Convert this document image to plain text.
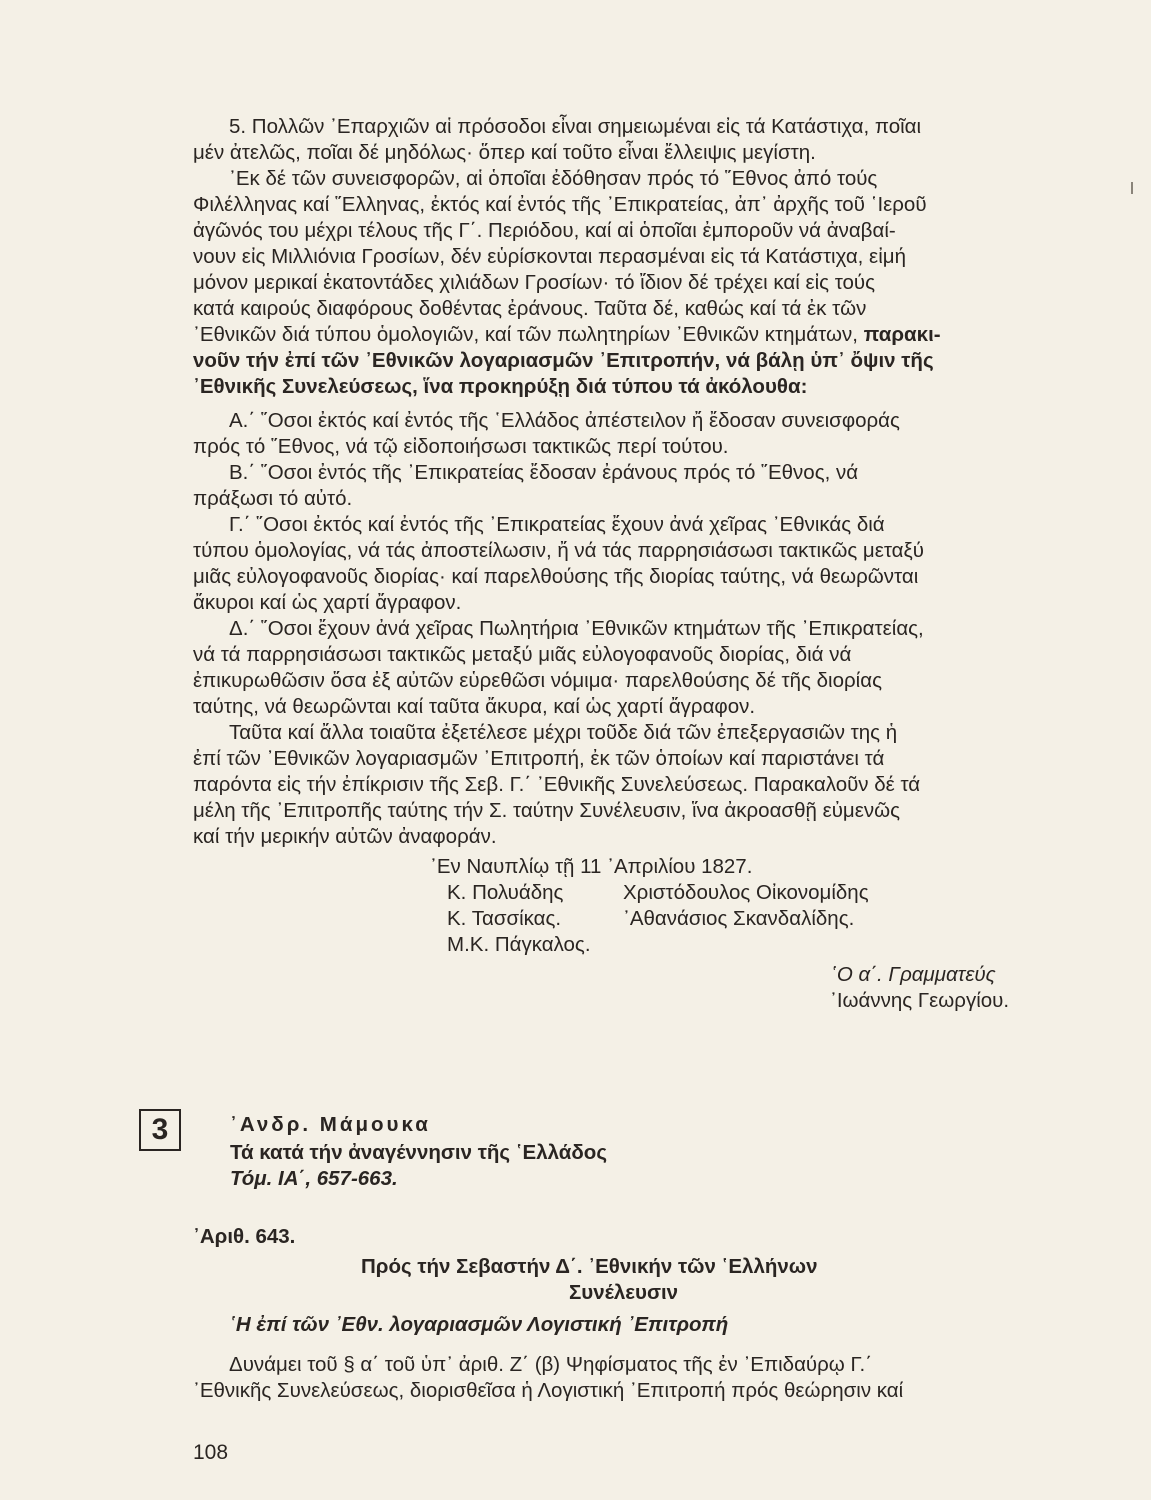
5. Πολλῶν ᾿Επαρχιῶν αἱ πρόσοδοι εἶναι σημειωμέναι εἰς τά Κατάστιχα, ποῖαι
μέν ἀτελῶς, ποῖαι δέ μηδόλως· ὅπερ καί τοῦτο εἶναι ἔλλειψις μεγίστη.
᾿Εκ δέ τῶν συνεισφορῶν, αἱ ὁποῖαι ἐδόθησαν πρός τό ῞Εθνος ἀπό τούς
Φιλέλληνας καί ῞Ελληνας, ἐκτός καί ἐντός τῆς ᾿Επικρατείας, ἀπ᾿ ἀρχῆς τοῦ ῾Ιεροῦ
ἀγῶνός του μέχρι τέλους τῆς Γ΄. Περιόδου, καί αἱ ὁποῖαι ἐμποροῦν νά ἀναβαί-
νουν εἰς Μιλλιόνια Γροσίων, δέν εὑρίσκονται περασμέναι εἰς τά Κατάστιχα, εἰμή
μόνον μερικαί ἑκατοντάδες χιλιάδων Γροσίων· τό ἴδιον δέ τρέχει καί εἰς τούς
κατά καιρούς διαφόρους δοθέντας ἐράνους. Ταῦτα δέ, καθώς καί τά ἐκ τῶν
᾿Εθνικῶν διά τύπου ὁμολογιῶν, καί τῶν πωλητηρίων ᾿Εθνικῶν κτημάτων, παρακι-
νοῦν τήν ἐπί τῶν ᾿Εθνικῶν λογαριασμῶν ᾿Επιτροπήν, νά βάλῃ ὑπ᾿ ὄψιν τῆς
᾿Εθνικῆς Συνελεύσεως, ἵνα προκηρύξῃ διά τύπου τά ἀκόλουθα:
Α.΄ ῞Οσοι ἐκτός καί ἐντός τῆς ῾Ελλάδος ἀπέστειλον ἤ ἔδοσαν συνεισφοράς
πρός τό ῞Εθνος, νά τῷ εἰδοποιήσωσι τακτικῶς περί τούτου.
Β.΄ ῞Οσοι ἐντός τῆς ᾿Επικρατείας ἔδοσαν ἐράνους πρός τό ῞Εθνος, νά
πράξωσι τό αὐτό.
Γ.΄ ῞Οσοι ἐκτός καί ἐντός τῆς ᾿Επικρατείας ἔχουν ἀνά χεῖρας ᾿Εθνικάς διά
τύπου ὁμολογίας, νά τάς ἀποστείλωσιν, ἤ νά τάς παρρησιάσωσι τακτικῶς μεταξύ
μιᾶς εὐλογοφανοῦς διορίας· καί παρελθούσης τῆς διορίας ταύτης, νά θεωρῶνται
ἄκυροι καί ὡς χαρτί ἄγραφον.
Δ.΄ ῞Οσοι ἔχουν ἀνά χεῖρας Πωλητήρια ᾿Εθνικῶν κτημάτων τῆς ᾿Επικρατείας,
νά τά παρρησιάσωσι τακτικῶς μεταξύ μιᾶς εὐλογοφανοῦς διορίας, διά νά
ἐπικυρωθῶσιν ὅσα ἐξ αὐτῶν εὑρεθῶσι νόμιμα· παρελθούσης δέ τῆς διορίας
ταύτης, νά θεωρῶνται καί ταῦτα ἄκυρα, καί ὡς χαρτί ἄγραφον.
Ταῦτα καί ἄλλα τοιαῦτα ἐξετέλεσε μέχρι τοῦδε διά τῶν ἐπεξεργασιῶν της ἡ
ἐπί τῶν ᾿Εθνικῶν λογαριασμῶν ᾿Επιτροπή, ἐκ τῶν ὁποίων καί παριστάνει τά
παρόντα εἰς τήν ἐπίκρισιν τῆς Σεβ. Γ.΄ ᾿Εθνικῆς Συνελεύσεως. Παρακαλοῦν δέ τά
μέλη τῆς ᾿Επιτροπῆς ταύτης τήν Σ. ταύτην Συνέλευσιν, ἵνα ἀκροασθῇ εὐμενῶς
καί τήν μερικήν αὐτῶν ἀναφοράν.
᾿Εν Ναυπλίῳ τῇ 11 ᾿Απριλίου 1827.
Κ. Πολυάδης	Χριστόδουλος Οἰκονομίδης
Κ. Τασσίκας.	᾿Αθανάσιος Σκανδαλίδης.
Μ.Κ. Πάγκαλος.
῾Ο α΄. Γραμματεύς
᾿Ιωάννης Γεωργίου.
3	᾿Ανδρ. Μάμουκα
Τά κατά τήν ἀναγέννησιν τῆς ῾Ελλάδος
Τόμ. ΙΑ΄, 657-663.
᾿Αριθ. 643.
Πρός τήν Σεβαστήν Δ΄. ᾿Εθνικήν τῶν ῾Ελλήνων
Συνέλευσιν
῾Η ἐπί τῶν ᾿Εθν. λογαριασμῶν Λογιστική ᾿Επιτροπή
Δυνάμει τοῦ § α΄ τοῦ ὑπ᾿ ἀριθ. Ζ΄ (β) Ψηφίσματος τῆς ἐν ᾿Επιδαύρῳ Γ.΄
᾿Εθνικῆς Συνελεύσεως, διορισθεῖσα ἡ Λογιστική ᾿Επιτροπή πρός θεώρησιν καί
108
